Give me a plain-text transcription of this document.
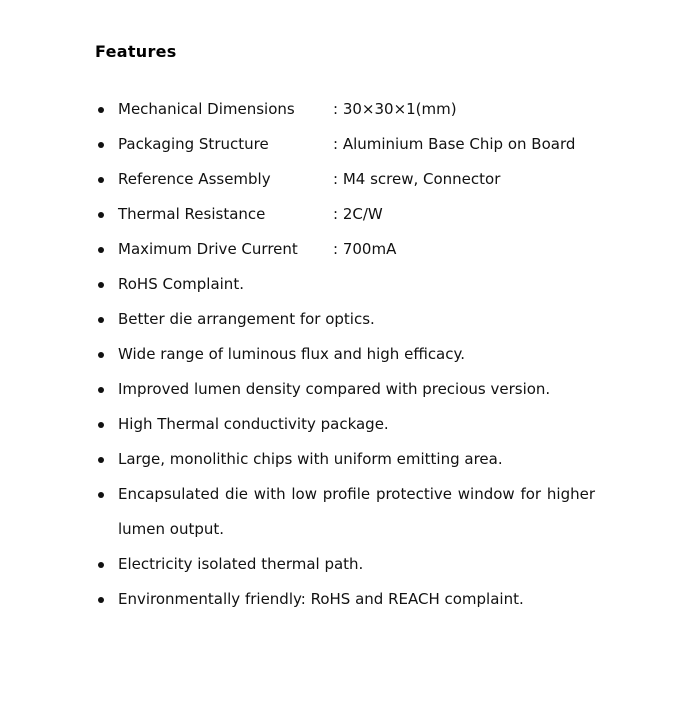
Features
Mechanical Dimensions	: 30×30×1(mm)
Packaging Structure	: Aluminium Base Chip on Board
Reference Assembly	: M4 screw, Connector
Thermal Resistance	: 2C/W
Maximum Drive Current : 700mA
RoHS Complaint.
Better die arrangement for optics.
Wide range of luminous flux and high efficacy.
Improved lumen density compared with precious version.
High Thermal conductivity package.
Large, monolithic chips with uniform emitting area.
Encapsulated die with low profile protective window for higher lumen output.
Electricity isolated thermal path.
Environmentally friendly: RoHS and REACH complaint.
